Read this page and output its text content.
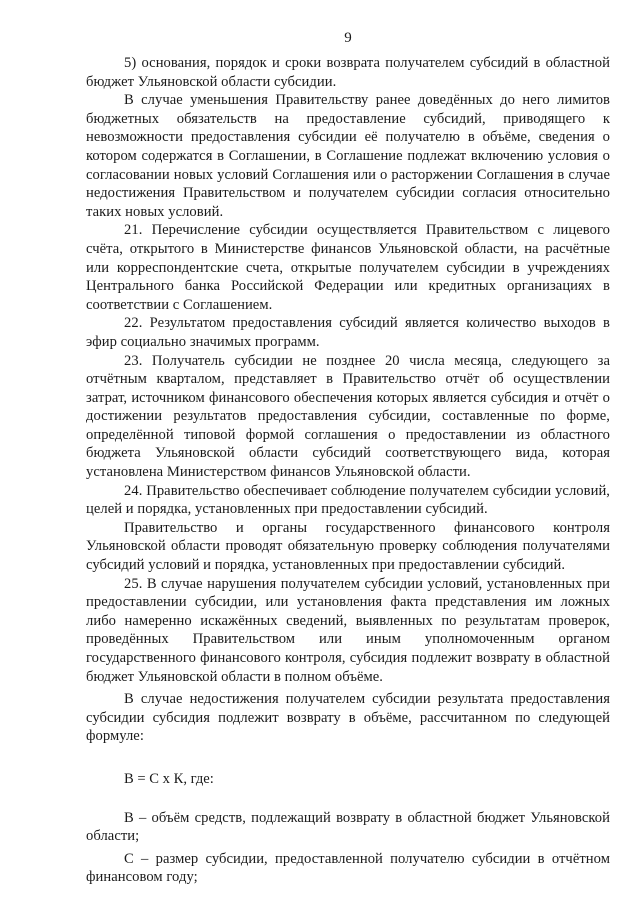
9

5) основания, порядок и сроки возврата получателем субсидий в областной бюджет Ульяновской области субсидии.

В случае уменьшения Правительству ранее доведённых до него лимитов бюджетных обязательств на предоставление субсидий, приводящего к невозможности предоставления субсидии её получателю в объёме, сведения о котором содержатся в Соглашении, в Соглашение подлежат включению условия о согласовании новых условий Соглашения или о расторжении Соглашения в случае недостижения Правительством и получателем субсидии согласия относительно таких новых условий.

21. Перечисление субсидии осуществляется Правительством с лицевого счёта, открытого в Министерстве финансов Ульяновской области, на расчётные или корреспондентские счета, открытые получателем субсидии в учреждениях Центрального банка Российской Федерации или кредитных организациях в соответствии с Соглашением.

22. Результатом предоставления субсидий является количество выходов в эфир социально значимых программ.

23. Получатель субсидии не позднее 20 числа месяца, следующего за отчётным кварталом, представляет в Правительство отчёт об осуществлении затрат, источником финансового обеспечения которых является субсидия и отчёт о достижении результатов предоставления субсидии, составленные по форме, определённой типовой формой соглашения о предоставлении из областного бюджета Ульяновской области субсидий соответствующего вида, которая установлена Министерством финансов Ульяновской области.

24. Правительство обеспечивает соблюдение получателем субсидии условий, целей и порядка, установленных при предоставлении субсидий.

Правительство и органы государственного финансового контроля Ульяновской области проводят обязательную проверку соблюдения получателями субсидий условий и порядка, установленных при предоставлении субсидий.

25. В случае нарушения получателем субсидии условий, установленных при предоставлении субсидии, или установления факта представления им ложных либо намеренно искажённых сведений, выявленных по результатам проверок, проведённых Правительством или иным уполномоченным органом государственного финансового контроля, субсидия подлежит возврату в областной бюджет Ульяновской области в полном объёме.

В случае недостижения получателем субсидии результата предоставления субсидии субсидия подлежит возврату в объёме, рассчитанном по следующей формуле:

В = С х К, где:

В – объём средств, подлежащий возврату в областной бюджет Ульяновской области;

С – размер субсидии, предоставленной получателю субсидии в отчётном финансовом году;
